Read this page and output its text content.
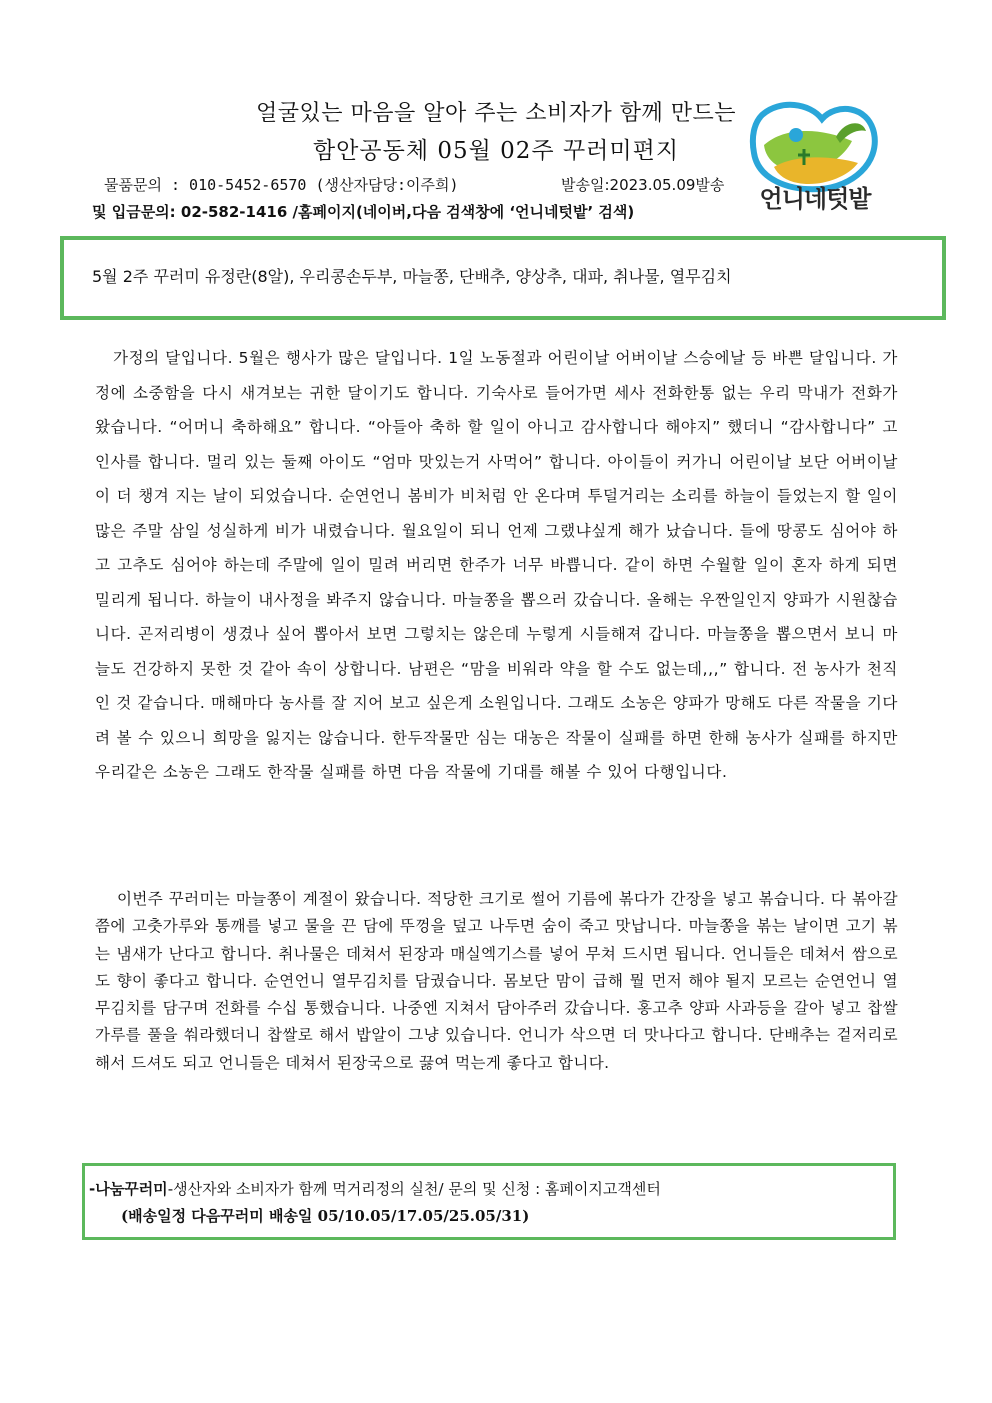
얼굴있는 마음을 알아 주는 소비자가 함께 만드는
함안공동체 05월 02주 꾸러미편지
물품문의 : 010-5452-6570 (생산자담당:이주희)	발송일:2023.05.09발송
및 입금문의: 02-582-1416 /홈페이지(네이버,다음 검색창에 ‘언니네텃밭’ 검색)	언니네텃밭
5월 2주 꾸러미 유정란(8알), 우리콩손두부, 마늘쫑, 단배추, 양상추, 대파, 취나물, 열무김치
가정의 달입니다. 5월은 행사가 많은 달입니다. 1일 노동절과 어린이날 어버이날 스승에날 등 바쁜 달입니다. 가정에 소중함을 다시 새겨보는 귀한 달이기도 합니다. 기숙사로 들어가면 세사 전화한통 없는 우리 막내가 전화가 왔습니다. “어머니 축하해요” 합니다. “아들아 축하 할 일이 아니고 감사합니다 해야지” 했더니 “감사합니다” 고 인사를 합니다. 멀리 있는 둘째 아이도 “엄마 맛있는거 사먹어” 합니다. 아이들이 커가니 어린이날 보단 어버이날이 더 챙겨 지는 날이 되었습니다. 순연언니 봄비가 비처럼 안 온다며 투덜거리는 소리를 하늘이 들었는지 할 일이 많은 주말 삼일 성실하게 비가 내렸습니다. 월요일이 되니 언제 그랬냐싶게 해가 났습니다. 들에 땅콩도 심어야 하고 고추도 심어야 하는데 주말에 일이 밀려 버리면 한주가 너무 바쁩니다. 같이 하면 수월할 일이 혼자 하게 되면 밀리게 됩니다. 하늘이 내사정을 봐주지 않습니다. 마늘쫑을 뽑으러 갔습니다. 올해는 우짠일인지 양파가 시원찮습니다. 곤저리병이 생겼나 싶어 뽑아서 보면 그렇치는 않은데 누렇게 시들해져 갑니다. 마늘쫑을 뽑으면서 보니 마늘도 건강하지 못한 것 같아 속이 상합니다. 남편은 “맘을 비워라 약을 할 수도 없는데,,,” 합니다. 전 농사가 천직인 것 같습니다. 매해마다 농사를 잘 지어 보고 싶은게 소원입니다. 그래도 소농은 양파가 망해도 다른 작물을 기다려 볼 수 있으니 희망을 잃지는 않습니다. 한두작물만 심는 대농은 작물이 실패를 하면 한해 농사가 실패를 하지만 우리같은 소농은 그래도 한작물 실패를 하면 다음 작물에 기대를 해볼 수 있어 다행입니다.
이번주 꾸러미는 마늘쫑이 계절이 왔습니다. 적당한 크기로 썰어 기름에 볶다가 간장을 넣고 볶습니다. 다 볶아갈 쯤에 고춧가루와 통깨를 넣고 물을 끈 담에 뚜껑을 덮고 나두면 숨이 죽고 맛납니다. 마늘쫑을 볶는 날이면 고기 볶는 냄새가 난다고 합니다. 취나물은 데쳐서 된장과 매실엑기스를 넣어 무쳐 드시면 됩니다. 언니들은 데쳐서 쌈으로도 향이 좋다고 합니다. 순연언니 열무김치를 담궜습니다. 몸보단 맘이 급해 뭘 먼저 해야 될지 모르는 순연언니 열무김치를 담구며 전화를 수십 통했습니다. 나중엔 지쳐서 담아주러 갔습니다. 홍고추 양파 사과등을 갈아 넣고 찹쌀가루를 풀을 쒀라했더니 찹쌀로 해서 밥알이 그냥 있습니다. 언니가 삭으면 더 맛나다고 합니다. 단배추는 겉저리로 해서 드셔도 되고 언니들은 데쳐서 된장국으로 끓여 먹는게 좋다고 합니다.
-나눔꾸러미-생산자와 소비자가 함께 먹거리정의 실천/ 문의 및 신청 : 홈페이지고객센터
(배송일정 다음꾸러미 배송일 05/10.05/17.05/25.05/31)
